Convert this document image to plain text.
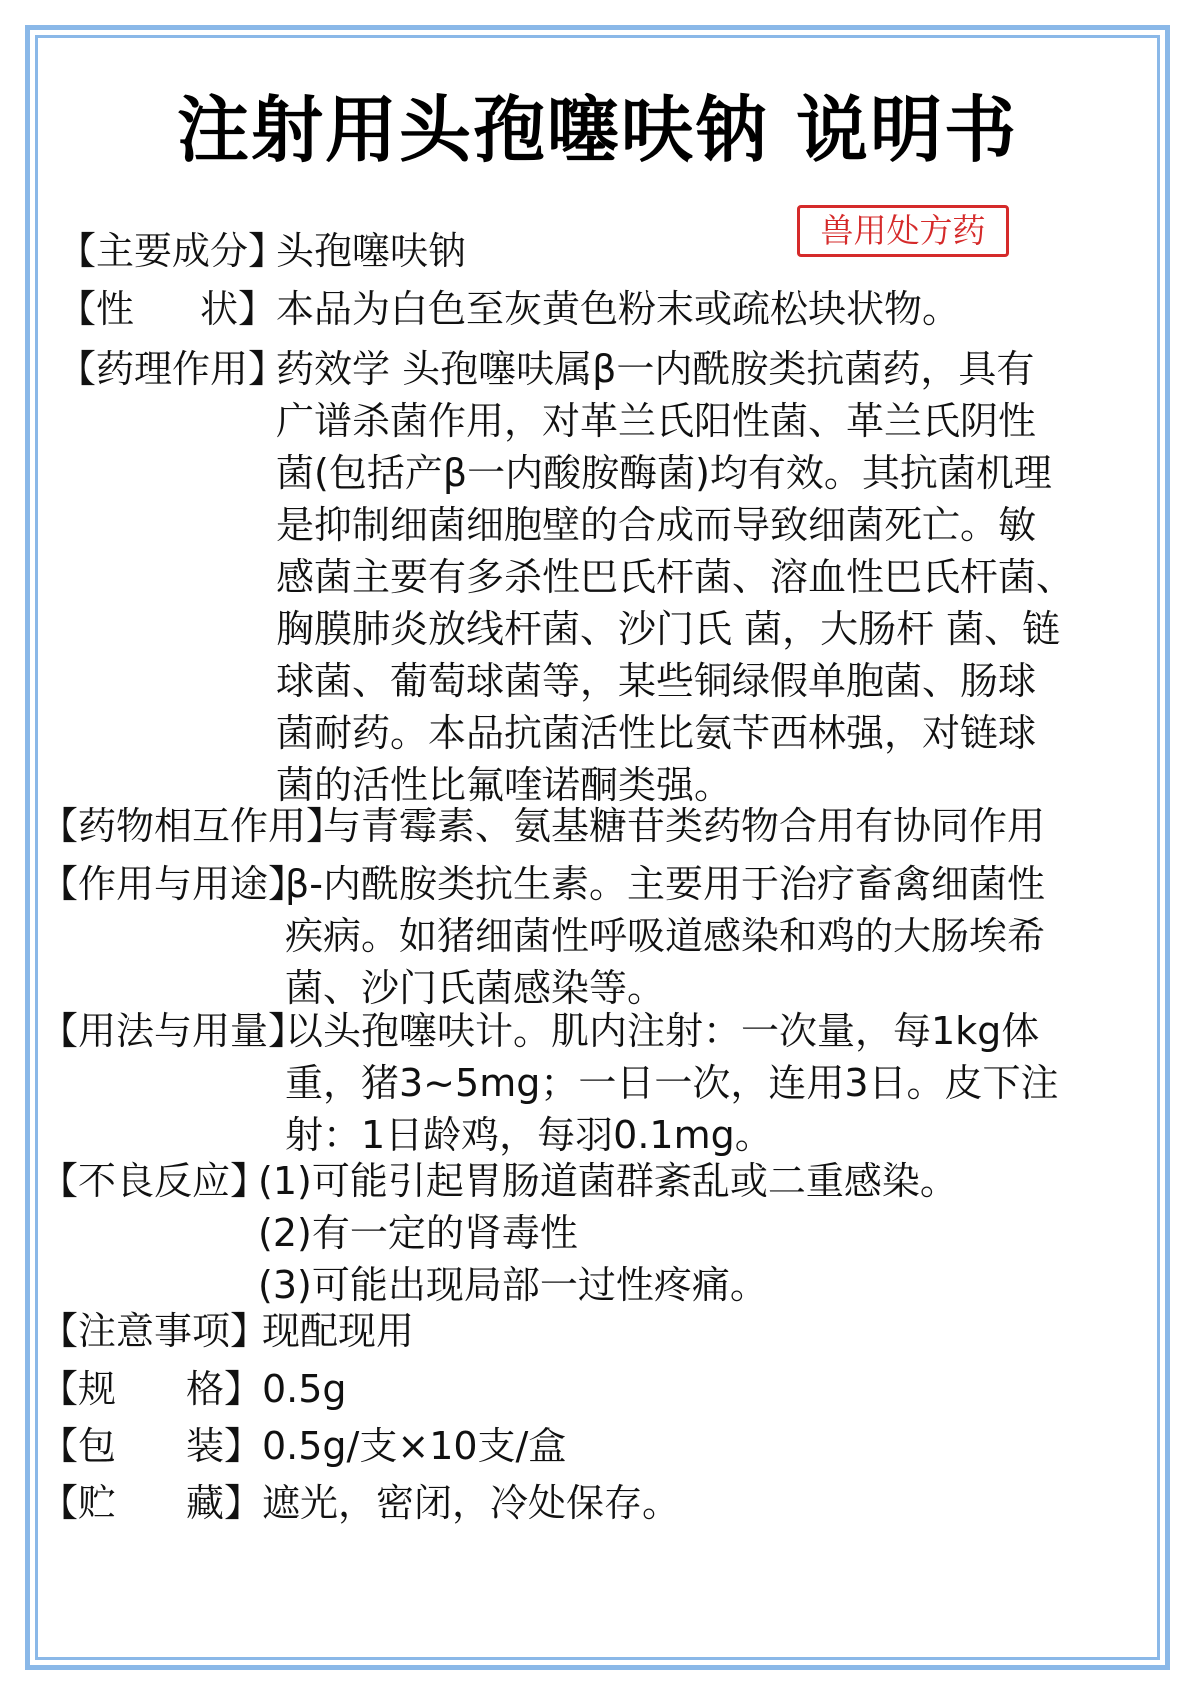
注射用头孢噻呋钠 说明书
兽用处方药
【主要成分】
头孢噻呋钠
【性 状】 本品为白色至灰黄色粉末或疏松块状物。
【药理作用】
药效学 头孢噻呋属β一内酰胺类抗菌药，具有
广谱杀菌作用，对革兰氏阳性菌、革兰氏阴性
菌(包括产β一内酸胺酶菌)均有效。其抗菌机理
是抑制细菌细胞壁的合成而导致细菌死亡。敏
感菌主要有多杀性巴氏杆菌、溶血性巴氏杆菌、
胸膜肺炎放线杆菌、沙门氏 菌，大肠杆 菌、链
球菌、葡萄球菌等，某些铜绿假单胞菌、肠球
菌耐药。本品抗菌活性比氨苄西林强，对链球
菌的活性比氟喹诺酮类强。
【药物相互作用】
与青霉素、氨基糖苷类药物合用有协同作用
【作用与用途】
β-内酰胺类抗生素。主要用于治疗畜禽细菌性
疾病。如猪细菌性呼吸道感染和鸡的大肠埃希
菌、沙门氏菌感染等。
【用法与用量】
以头孢噻呋计。肌内注射：一次量，每1kg体
重，猪3~5mg；一日一次，连用3日。皮下注
射：1日龄鸡，每羽0.1mg。
【不良反应】
(1)可能引起胃肠道菌群紊乱或二重感染。
(2)有一定的肾毒性
(3)可能出现局部一过性疼痛。
【注意事项】
现配现用
【规 格】 0.5g
【包 装】 0.5g/支×10支/盒
【贮 藏】 遮光，密闭，冷处保存。
